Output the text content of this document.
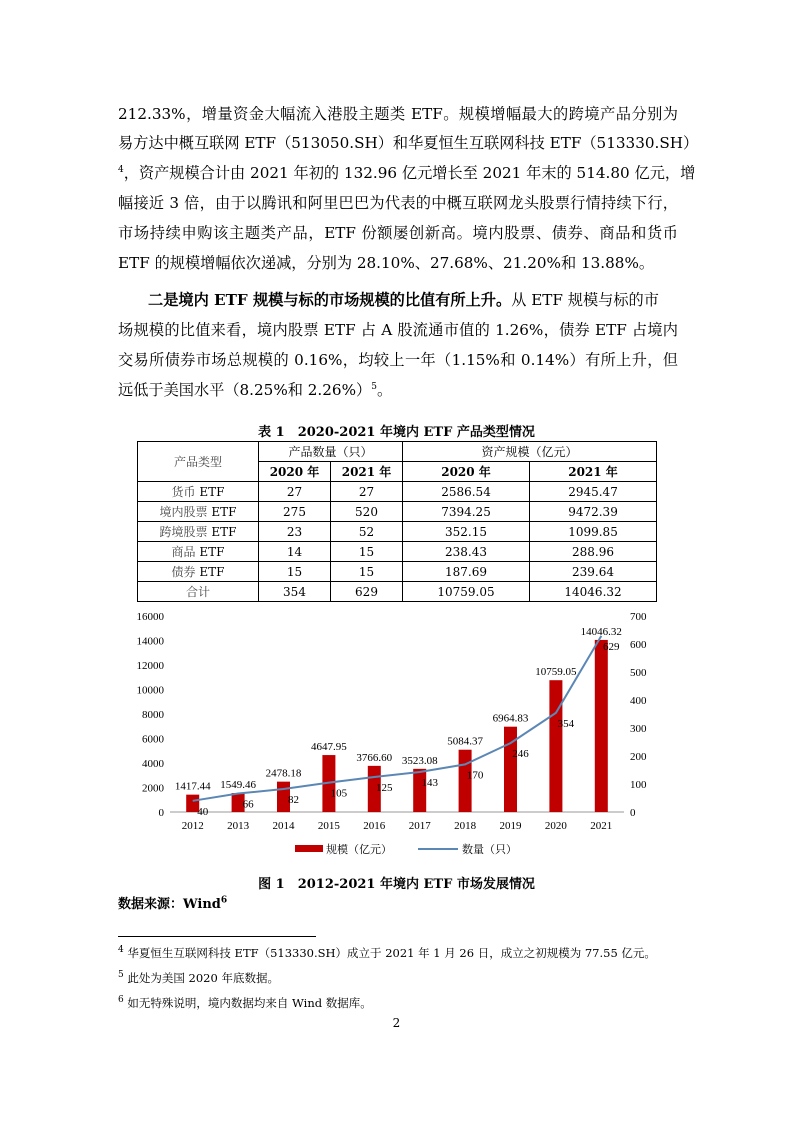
212.33%，增量资金大幅流入港股主题类 ETF。规模增幅最大的跨境产品分别为
易方达中概互联网 ETF（513050.SH）和华夏恒生互联网科技 ETF（513330.SH）
$^4$，资产规模合计由 2021 年初的 132.96 亿元增长至 2021 年末的 514.80 亿元，增
幅接近 3 倍，由于以腾讯和阿里巴巴为代表的中概互联网龙头股票行情持续下行，
市场持续申购该主题类产品，ETF 份额屡创新高。境内股票、债券、商品和货币
ETF 的规模增幅依次递减，分别为 28.10%、27.68%、21.20%和 13.88%。
二是境内 ETF 规模与标的市场规模的比值有所上升。从 ETF 规模与标的市
场规模的比值来看，境内股票 ETF 占 A 股流通市值的 1.26%，债券 ETF 占境内
交易所债券市场总规模的 0.16%，均较上一年（1.15%和 0.14%）有所上升，但
远低于美国水平（8.25%和 2.26%）$^5$。
表 1　2020-2021 年境内 ETF 产品类型情况
产品类型	产品数量（只）		资产规模（亿元）	
	2020 年	2021 年	2020 年	2021 年
货币 ETF	27	27	2586.54	2945.47
境内股票 ETF	275	520	7394.25	9472.39
跨境股票 ETF	23	52	352.15	1099.85
商品 ETF	14	15	238.43	288.96
债券 ETF	15	15	187.69	239.64
合计	354	629	10759.05	14046.32
0
2000
4000
6000
8000
10000
12000
14000
16000
0
100
200
300
400
500
600
700
1417.44
2012
1549.46
2013
2478.18
2014
4647.95
2015
3766.60
2016
3523.08
2017
5084.37
2018
6964.83
2019
10759.05
2020
14046.32
2021
40
66	82
105	125	143
170
246
354
629
规模（亿元）	数量（只）
图 1　2012-2021 年境内 ETF 市场发展情况
数据来源：Wind$^6$
$^4$ 华夏恒生互联网科技 ETF（513330.SH）成立于 2021 年 1 月 26 日，成立之初规模为 77.55 亿元。
$^5$ 此处为美国 2020 年底数据。
$^6$ 如无特殊说明，境内数据均来自 Wind 数据库。
2
